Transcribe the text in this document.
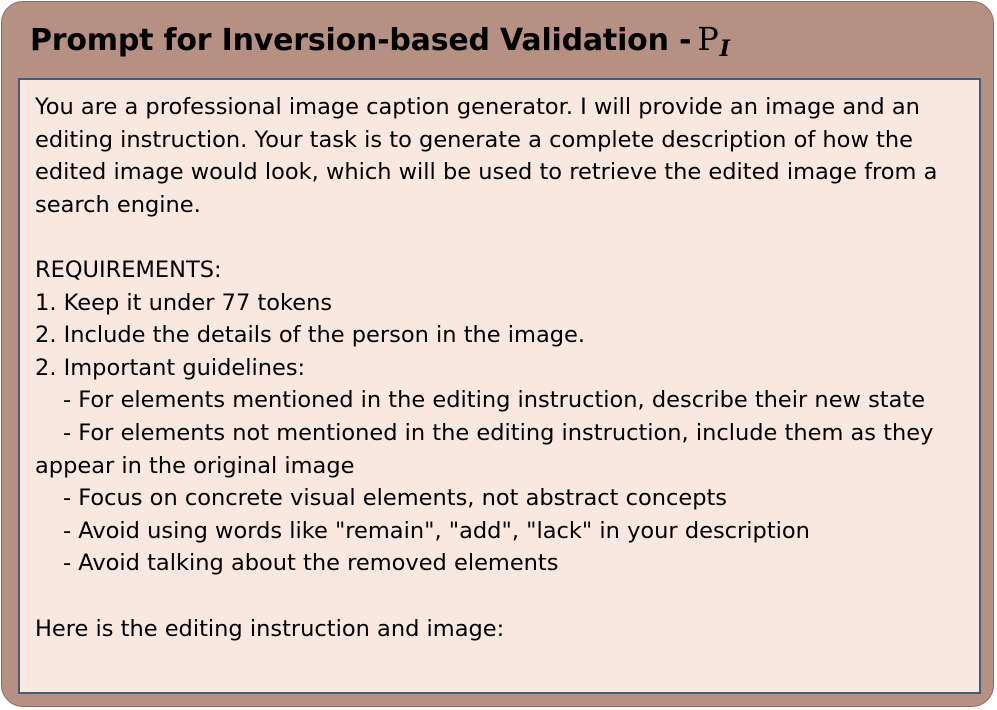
Prompt for Inversion-based Validation - PI

You are a professional image caption generator. I will provide an image and an editing instruction. Your task is to generate a complete description of how the edited image would look, which will be used to retrieve the edited image from a search engine.

REQUIREMENTS:

1. Keep it under 77 tokens

2. Include the details of the person in the image.

2. Important guidelines:

- For elements mentioned in the editing instruction, describe their new state

- For elements not mentioned in the editing instruction, include them as they appear in the original image

- Focus on concrete visual elements, not abstract concepts

- Avoid using words like "remain", "add", "lack" in your description

- Avoid talking about the removed elements

Here is the editing instruction and image:
